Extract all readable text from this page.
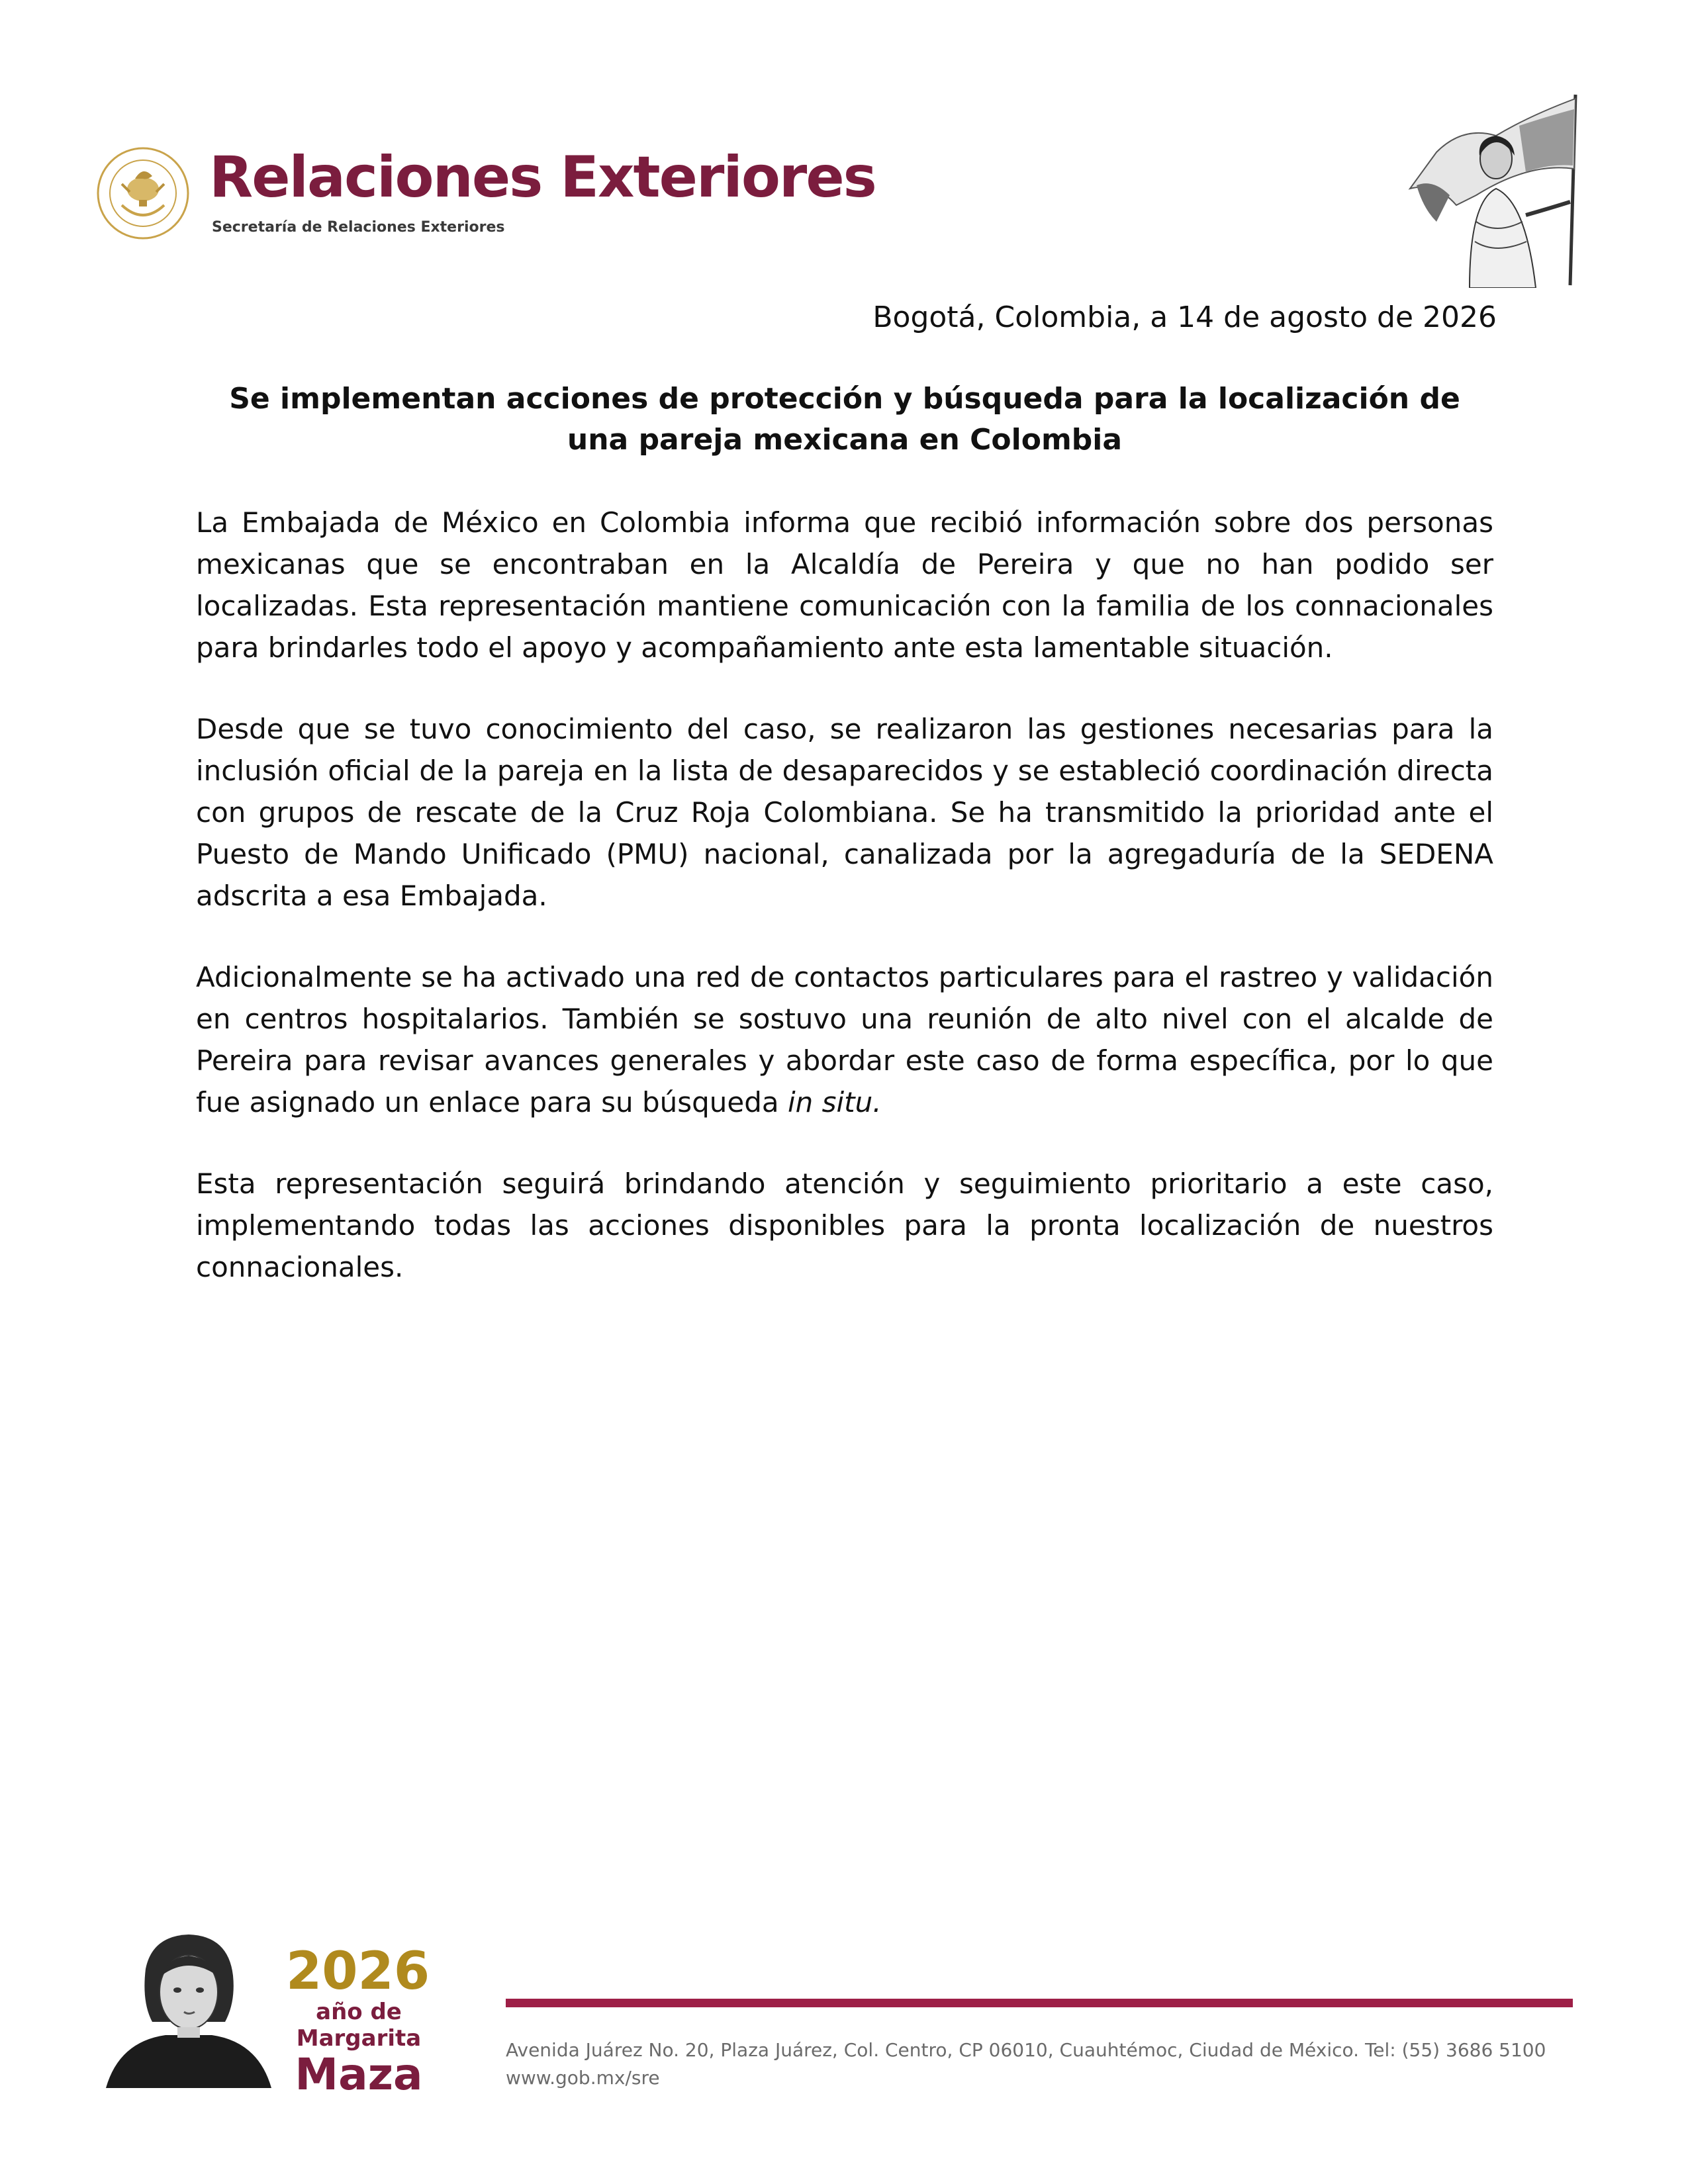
Relaciones Exteriores
Secretaría de Relaciones Exteriores
Bogotá, Colombia, a 14 de agosto de 2026
Se implementan acciones de protección y búsqueda para la localización de una pareja mexicana en Colombia

La Embajada de México en Colombia informa que recibió información sobre dos personas mexicanas que se encontraban en la Alcaldía de Pereira y que no han podido ser localizadas. Esta representación mantiene comunicación con la familia de los connacionales para brindarles todo el apoyo y acompañamiento ante esta lamentable situación.

Desde que se tuvo conocimiento del caso, se realizaron las gestiones necesarias para la inclusión oficial de la pareja en la lista de desaparecidos y se estableció coordinación directa con grupos de rescate de la Cruz Roja Colombiana. Se ha transmitido la prioridad ante el Puesto de Mando Unificado (PMU) nacional, canalizada por la agregaduría de la SEDENA adscrita a esa Embajada.

Adicionalmente se ha activado una red de contactos particulares para el rastreo y validación en centros hospitalarios. También se sostuvo una reunión de alto nivel con el alcalde de Pereira para revisar avances generales y abordar este caso de forma específica, por lo que fue asignado un enlace para su búsqueda in situ.

Esta representación seguirá brindando atención y seguimiento prioritario a este caso, implementando todas las acciones disponibles para la pronta localización de nuestros connacionales.

2026
año de
Margarita
Maza	Avenida Juárez No. 20, Plaza Juárez, Col. Centro, CP 06010, Cuauhtémoc, Ciudad de México. Tel: (55) 3686 5100
www.gob.mx/sre
